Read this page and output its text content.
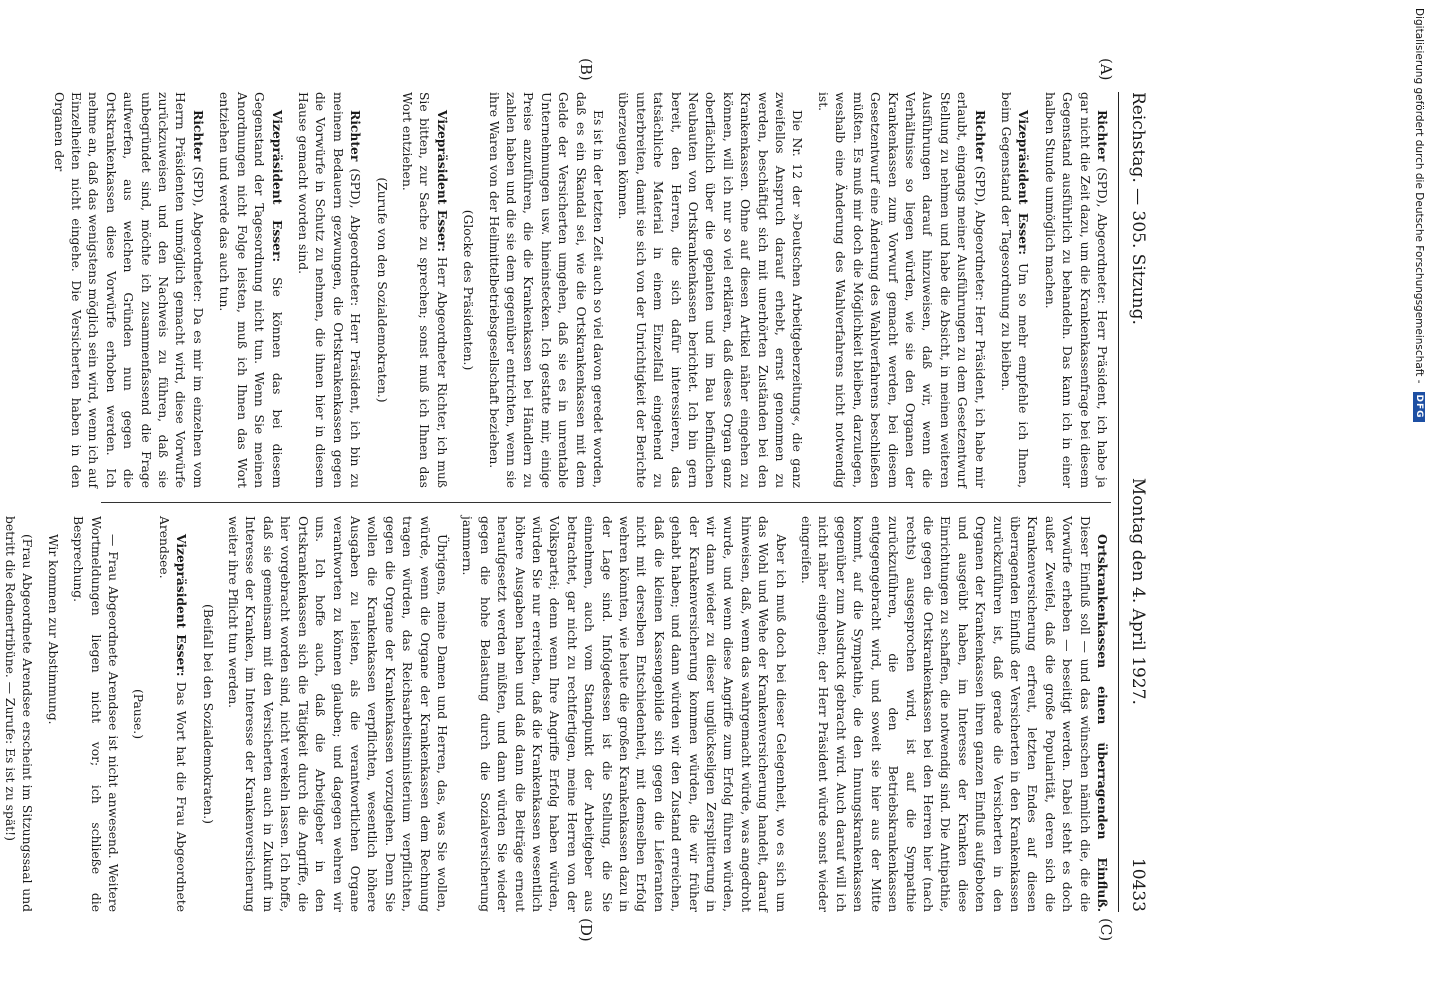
Reichstag. — 305. Sitzung.
Montag den 4. April 1927.
10433

Richter (SPD), Abgeordneter: Herr Präsident, ich habe ja gar nicht die Zeit dazu, um die Krankenkassenfrage bei diesem Gegenstand ausführlich zu behandeln. Das kann ich in einer halben Stunde unmöglich machen.

Vizepräsident Esser: Um so mehr empfehle ich Ihnen, beim Gegenstand der Tagesordnung zu bleiben.

Richter (SPD), Abgeordneter: Herr Präsident, ich habe mir erlaubt, eingangs meiner Ausführungen zu dem Gesetzentwurf Stellung zu nehmen und habe die Absicht, in meinen weiteren Ausführungen darauf hinzuweisen, daß wir, wenn die Verhältnisse so liegen würden, wie sie den Organen der Krankenkassen zum Vorwurf gemacht werden, bei diesem Gesetzentwurf eine Änderung des Wahlverfahrens beschließen müßten. Es muß mir doch die Möglichkeit bleiben, darzulegen, weshalb eine Änderung des Wahlverfahrens nicht notwendig ist.

Die Nr. 12 der »Deutschen Arbeitgeberzeitung«, die ganz zweifellos Anspruch darauf erhebt, ernst genommen zu werden, beschäftigt sich mit unerhörten Zuständen bei den Krankenkassen. Ohne auf diesen Artikel näher eingehen zu können, will ich nur so viel erklären, daß dieses Organ ganz oberflächlich über die geplanten und im Bau befindlichen Neubauten von Ortskrankenkassen berichtet. Ich bin gern bereit, den Herren, die sich dafür interessieren, das tatsächliche Material in einem Einzelfall eingehend zu unterbreiten, damit sie sich von der Unrichtigkeit der Berichte überzeugen können.

Es ist in der letzten Zeit auch so viel davon geredet worden, daß es ein Skandal sei, wie die Ortskrankenkassen mit dem Gelde der Versicherten umgehen, daß sie es in unrentable Unternehmungen usw. hineinstecken. Ich gestatte mir, einige Preise anzuführen, die die Krankenkassen bei Händlern zu zahlen haben und die sie dem gegenüber entrichten, wenn sie ihre Waren von der Heilmittelbetriebsgesellschaft beziehen.

(Glocke des Präsidenten.)

Vizepräsident Esser: Herr Abgeordneter Richter, ich muß Sie bitten, zur Sache zu sprechen; sonst muß ich Ihnen das Wort entziehen.

(Zurufe von den Sozialdemokraten.)

Richter (SPD), Abgeordneter: Herr Präsident, ich bin zu meinem Bedauern gezwungen, die Ortskrankenkassen gegen die Vorwürfe in Schutz zu nehmen, die ihnen hier in diesem Hause gemacht worden sind.

Vizepräsident Esser: Sie können das bei diesem Gegenstand der Tagesordnung nicht tun. Wenn Sie meinen Anordnungen nicht Folge leisten, muß ich Ihnen das Wort entziehen und werde das auch tun.

Richter (SPD), Abgeordneter: Da es mir im einzelnen vom Herrn Präsidenten unmöglich gemacht wird, diese Vorwürfe zurückzuweisen und den Nachweis zu führen, daß sie unbegründet sind, möchte ich zusammenfassend die Frage aufwerfen, aus welchen Gründen nun gegen die Ortskrankenkassen diese Vorwürfe erhoben werden. Ich nehme an, daß das wenigstens möglich sein wird, wenn ich auf Einzelheiten nicht eingehe. Die Versicherten haben in den Organen der

Ortskrankenkassen einen überragenden Einfluß. Dieser Einfluß soll — und das wünschen nämlich die, die die Vorwürfe erheben — beseitigt werden. Dabei steht es doch außer Zweifel, daß die große Popularität, deren sich die Krankenversicherung erfreut, letzten Endes auf diesen überragenden Einfluß der Versicherten in den Krankenkassen zurückzuführen ist, daß gerade die Versicherten in den Organen der Krankenkassen ihren ganzen Einfluß aufgeboten und ausgeübt haben, im Interesse der Kranken diese Einrichtungen zu schaffen, die notwendig sind. Die Antipathie, die gegen die Ortskrankenkassen bei den Herren hier (nach rechts) ausgesprochen wird, ist auf die Sympathie zurückzuführen, die den Betriebskrankenkassen entgegengebracht wird, und soweit sie hier aus der Mitte kommt, auf die Sympathie, die den Innungskrankenkassen gegenüber zum Ausdruck gebracht wird. Auch darauf will ich nicht näher eingehen; der Herr Präsident würde sonst wieder eingreifen.

Aber ich muß doch bei dieser Gelegenheit, wo es sich um das Wohl und Wehe der Krankenversicherung handelt, darauf hinweisen, daß, wenn das wahrgemacht würde, was angedroht wurde, und wenn diese Angriffe zum Erfolg führen würden, wir dann wieder zu dieser unglückseligen Zersplitterung in der Krankenversicherung kommen würden, die wir früher gehabt haben; und dann würden wir den Zustand erreichen, daß die kleinen Kassengebilde sich gegen die Lieferanten nicht mit derselben Entschiedenheit, mit demselben Erfolg wehren könnten, wie heute die großen Krankenkassen dazu in der Lage sind. Infolgedessen ist die Stellung, die Sie einnehmen, auch vom Standpunkt der Arbeitgeber aus betrachtet, gar nicht zu rechtfertigen, meine Herren von der Volkspartei; denn wenn Ihre Angriffe Erfolg haben würden, würden Sie nur erreichen, daß die Krankenkassen wesentlich höhere Ausgaben haben und daß dann die Beiträge erneut heraufgesetzt werden müßten, und dann würden Sie wieder gegen die hohe Belastung durch die Sozialversicherung jammern.

Übrigens, meine Damen und Herren, das, was Sie wollen, würde, wenn die Organe der Krankenkassen dem Rechnung tragen würden, das Reichsarbeitsministerium verpflichten, gegen die Organe der Krankenkassen vorzugehen. Denn Sie wollen die Krankenkassen verpflichten, wesentlich höhere Ausgaben zu leisten, als die verantwortlichen Organe verantworten zu können glauben; und dagegen wehren wir uns. Ich hoffe auch, daß die Arbeitgeber in den Ortskrankenkassen sich die Tätigkeit durch die Angriffe, die hier vorgebracht worden sind, nicht verekeln lassen. Ich hoffe, daß sie gemeinsam mit den Versicherten auch in Zukunft im Interesse der Kranken, im Interesse der Krankenversicherung weiter ihre Pflicht tun werden.

(Beifall bei den Sozialdemokraten.)

Vizepräsident Esser: Das Wort hat die Frau Abgeordnete Arendsee.

(Pause.)

— Frau Abgeordnete Arendsee ist nicht anwesend. Weitere Wortmeldungen liegen nicht vor; ich schließe die Besprechung.

Wir kommen zur Abstimmung.

(Frau Abgeordnete Arendsee erscheint im Sitzungssaal und betritt die Rednertribüne. — Zurufe: Es ist zu spät!)

(A)
(B)
(C)
(D)
Digitalisierung gefördert durch die Deutsche Forschungsgemeinschaft -
DFG
